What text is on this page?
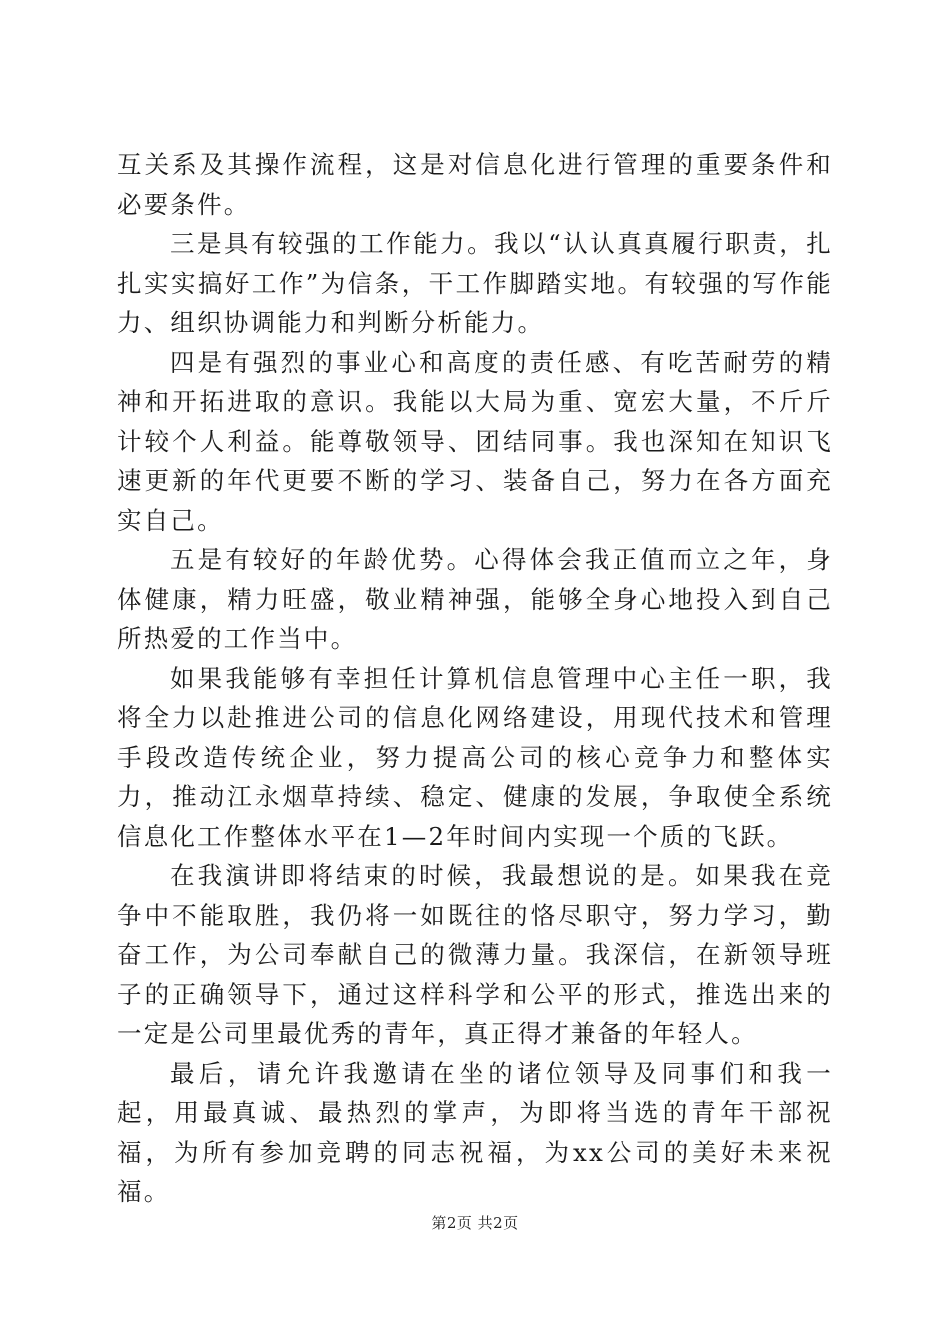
互关系及其操作流程，这是对信息化进行管理的重要条件和必要条件。

三是具有较强的工作能力。我以“认认真真履行职责，扎扎实实搞好工作”为信条，干工作脚踏实地。有较强的写作能力、组织协调能力和判断分析能力。

四是有强烈的事业心和高度的责任感、有吃苦耐劳的精神和开拓进取的意识。我能以大局为重、宽宏大量，不斤斤计较个人利益。能尊敬领导、团结同事。我也深知在知识飞速更新的年代更要不断的学习、装备自己，努力在各方面充实自己。

五是有较好的年龄优势。心得体会我正值而立之年，身体健康，精力旺盛，敬业精神强，能够全身心地投入到自己所热爱的工作当中。

如果我能够有幸担任计算机信息管理中心主任一职，我将全力以赴推进公司的信息化网络建设，用现代技术和管理手段改造传统企业，努力提高公司的核心竞争力和整体实力，推动江永烟草持续、稳定、健康的发展，争取使全系统信息化工作整体水平在1—2年时间内实现一个质的飞跃。

在我演讲即将结束的时候，我最想说的是。如果我在竞争中不能取胜，我仍将一如既往的恪尽职守，努力学习，勤奋工作，为公司奉献自己的微薄力量。我深信，在新领导班子的正确领导下，通过这样科学和公平的形式，推选出来的一定是公司里最优秀的青年，真正得才兼备的年轻人。

最后，请允许我邀请在坐的诸位领导及同事们和我一起，用最真诚、最热烈的掌声，为即将当选的青年干部祝福，为所有参加竞聘的同志祝福，为xx公司的美好未来祝福。

第2页 共2页
